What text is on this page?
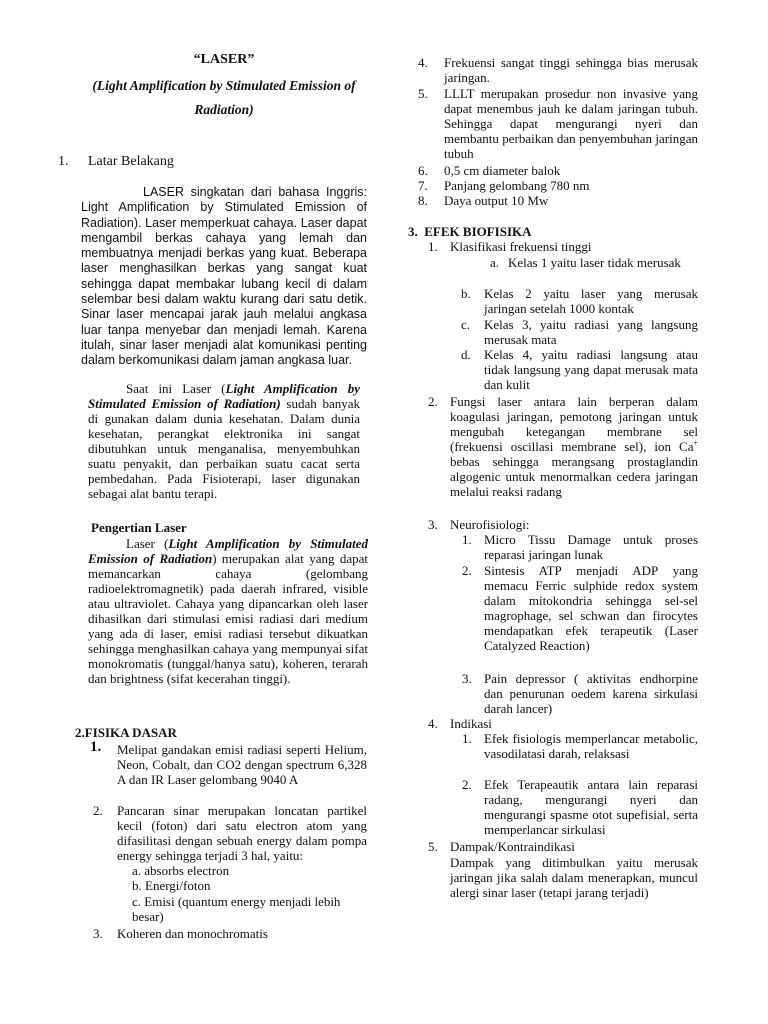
“LASER”
(Light Amplification by Stimulated Emission of
Radiation)
1. Latar Belakang
LASER singkatan dari bahasa Inggris: Light Amplification by Stimulated Emission of Radiation). Laser memperkuat cahaya. Laser dapat mengambil berkas cahaya yang lemah dan membuatnya menjadi berkas yang kuat. Beberapa laser menghasilkan berkas yang sangat kuat sehingga dapat membakar lubang kecil di dalam selembar besi dalam waktu kurang dari satu detik. Sinar laser mencapai jarak jauh melalui angkasa luar tanpa menyebar dan menjadi lemah. Karena itulah, sinar laser menjadi alat komunikasi penting dalam berkomunikasi dalam jaman angkasa luar.
Saat ini Laser (Light Amplification by Stimulated Emission of Radiation) sudah banyak di gunakan dalam dunia kesehatan. Dalam dunia kesehatan, perangkat elektronika ini sangat dibutuhkan untuk menganalisa, menyembuhkan suatu penyakit, dan perbaikan suatu cacat serta pembedahan. Pada Fisioterapi, laser digunakan sebagai alat bantu terapi.
Pengertian Laser
Laser (Light Amplification by Stimulated Emission of Radiation) merupakan alat yang dapat memancarkan cahaya (gelombang radioelektromagnetik) pada daerah infrared, visible atau ultraviolet. Cahaya yang dipancarkan oleh laser dihasilkan dari stimulasi emisi radiasi dari medium yang ada di laser, emisi radiasi tersebut dikuatkan sehingga menghasilkan cahaya yang mempunyai sifat monokromatis (tunggal/hanya satu), koheren, terarah dan brightness (sifat kecerahan tinggi).
2.FISIKA DASAR
1. Melipat gandakan emisi radiasi seperti Helium, Neon, Cobalt, dan CO2 dengan spectrum 6,328 A dan IR Laser gelombang 9040 A
2. Pancaran sinar merupakan loncatan partikel kecil (foton) dari satu electron atom yang difasilitasi dengan sebuah energy dalam pompa energy sehingga terjadi 3 hal, yaitu:
a. absorbs electron
b. Energi/foton
c. Emisi (quantum energy menjadi lebih besar)
3. Koheren dan monochromatis
4. Frekuensi sangat tinggi sehingga bias merusak jaringan.
5. LLLT merupakan prosedur non invasive yang dapat menembus jauh ke dalam jaringan tubuh. Sehingga dapat mengurangi nyeri dan membantu perbaikan dan penyembuhan jaringan tubuh
6. 0,5 cm diameter balok
7. Panjang gelombang 780 nm
8. Daya output 10 Mw
3.  EFEK BIOFISIKA
1. Klasifikasi frekuensi tinggi
a. Kelas 1 yaitu laser tidak merusak
b. Kelas 2 yaitu laser yang merusak jaringan setelah 1000 kontak
c. Kelas 3, yaitu radiasi yang langsung merusak mata
d. Kelas 4, yaitu radiasi langsung atau tidak langsung yang dapat merusak mata dan kulit
2. Fungsi laser antara lain berperan dalam koagulasi jaringan, pemotong jaringan untuk mengubah ketegangan membrane sel (frekuensi oscillasi membrane sel), ion Ca+ bebas sehingga merangsang prostaglandin algogenic untuk menormalkan cedera jaringan melalui reaksi radang
3. Neurofisiologi:
1. Micro Tissu Damage untuk proses reparasi jaringan lunak
2. Sintesis ATP menjadi ADP yang memacu Ferric sulphide redox system dalam mitokondria sehingga sel-sel magrophage, sel schwan dan firocytes mendapatkan efek terapeutik (Laser Catalyzed Reaction)
3. Pain depressor ( aktivitas endhorpine dan penurunan oedem karena sirkulasi darah lancer)
4. Indikasi
1. Efek fisiologis memperlancar metabolic, vasodilatasi darah, relaksasi
2. Efek Terapeautik antara lain reparasi radang, mengurangi nyeri dan mengurangi spasme otot supefisial, serta memperlancar sirkulasi
5. Dampak/Kontraindikasi
Dampak yang ditimbulkan yaitu merusak jaringan jika salah dalam menerapkan, muncul alergi sinar laser (tetapi jarang terjadi)
